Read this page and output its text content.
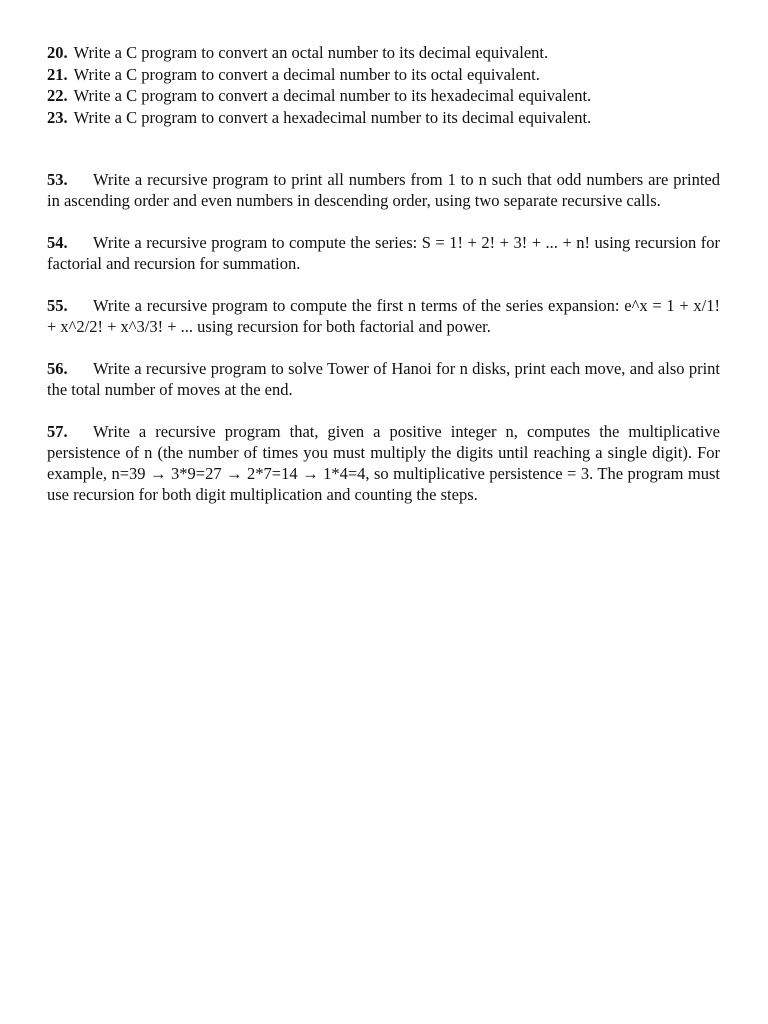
20. Write a C program to convert an octal number to its decimal equivalent.
21. Write a C program to convert a decimal number to its octal equivalent.
22. Write a C program to convert a decimal number to its hexadecimal equivalent.
23. Write a C program to convert a hexadecimal number to its decimal equivalent.

53. Write a recursive program to print all numbers from 1 to n such that odd numbers are printed in ascending order and even numbers in descending order, using two separate recursive calls.

54. Write a recursive program to compute the series: S = 1! + 2! + 3! + ... + n! using recursion for factorial and recursion for summation.

55. Write a recursive program to compute the first n terms of the series expansion: e^x = 1 + x/1! + x^2/2! + x^3/3! + ... using recursion for both factorial and power.

56. Write a recursive program to solve Tower of Hanoi for n disks, print each move, and also print the total number of moves at the end.

57. Write a recursive program that, given a positive integer n, computes the multiplicative persistence of n (the number of times you must multiply the digits until reaching a single digit). For example, n=39 → 3*9=27 → 2*7=14 → 1*4=4, so multiplicative persistence = 3. The program must use recursion for both digit multiplication and counting the steps.
